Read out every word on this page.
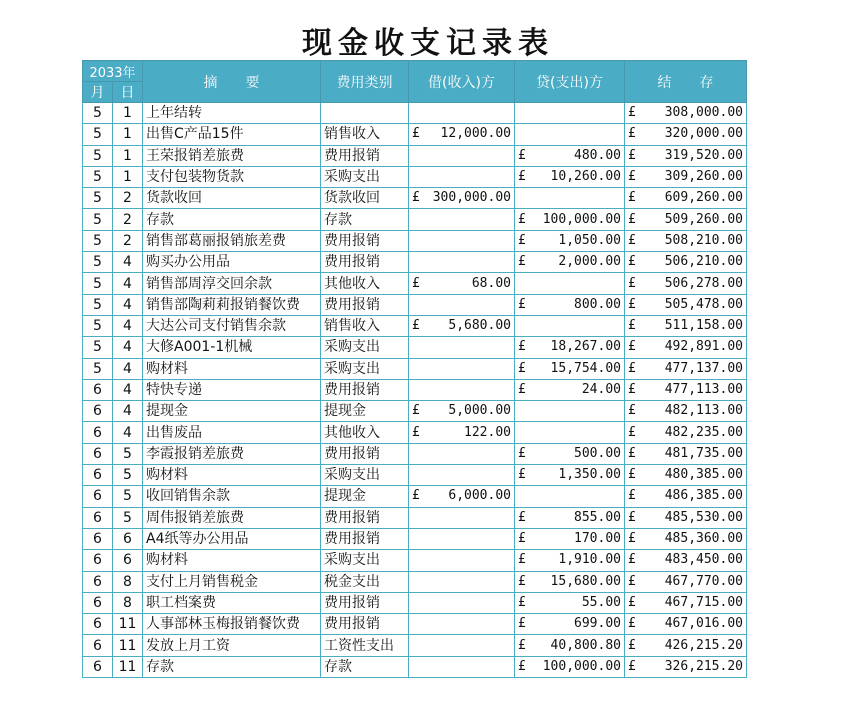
现金收支记录表
2033年		摘　　要	费用类别	借(收入)方	贷(支出)方	结　　存
月	日					
5	1	上年结转				£ 308,000.00

5	1	出售C产品15件	销售收入	£ 12,000.00		£ 320,000.00

5	1	王荣报销差旅费	费用报销		£ 480.00	£ 319,520.00

5	1	支付包装物货款	采购支出		£ 10,260.00	£ 309,260.00

5	2	货款收回	货款收回	£ 300,000.00		£ 609,260.00

5	2	存款	存款		£ 100,000.00	£ 509,260.00

5	2	销售部葛丽报销旅差费	费用报销		£ 1,050.00	£ 508,210.00

5	4	购买办公用品	费用报销		£ 2,000.00	£ 506,210.00

5	4	销售部周淳交回余款	其他收入	£ 68.00		£ 506,278.00

5	4	销售部陶莉莉报销餐饮费	费用报销		£ 800.00	£ 505,478.00

5	4	大达公司支付销售余款	销售收入	£ 5,680.00		£ 511,158.00

5	4	大修A001-1机械	采购支出		£ 18,267.00	£ 492,891.00

5	4	购材料	采购支出		£ 15,754.00	£ 477,137.00

6	4	特快专递	费用报销		£ 24.00	£ 477,113.00

6	4	提现金	提现金	£ 5,000.00		£ 482,113.00

6	4	出售废品	其他收入	£ 122.00		£ 482,235.00

6	5	李霞报销差旅费	费用报销		£ 500.00	£ 481,735.00

6	5	购材料	采购支出		£ 1,350.00	£ 480,385.00

6	5	收回销售余款	提现金	£ 6,000.00		£ 486,385.00

6	5	周伟报销差旅费	费用报销		£ 855.00	£ 485,530.00

6	6	A4纸等办公用品	费用报销		£ 170.00	£ 485,360.00

6	6	购材料	采购支出		£ 1,910.00	£ 483,450.00

6	8	支付上月销售税金	税金支出		£ 15,680.00	£ 467,770.00

6	8	职工档案费	费用报销		£ 55.00	£ 467,715.00

6	11	人事部林玉梅报销餐饮费	费用报销		£ 699.00	£ 467,016.00

6	11	发放上月工资	工资性支出		£ 40,800.80	£ 426,215.20

6	11	存款	存款		£ 100,000.00	£ 326,215.20
